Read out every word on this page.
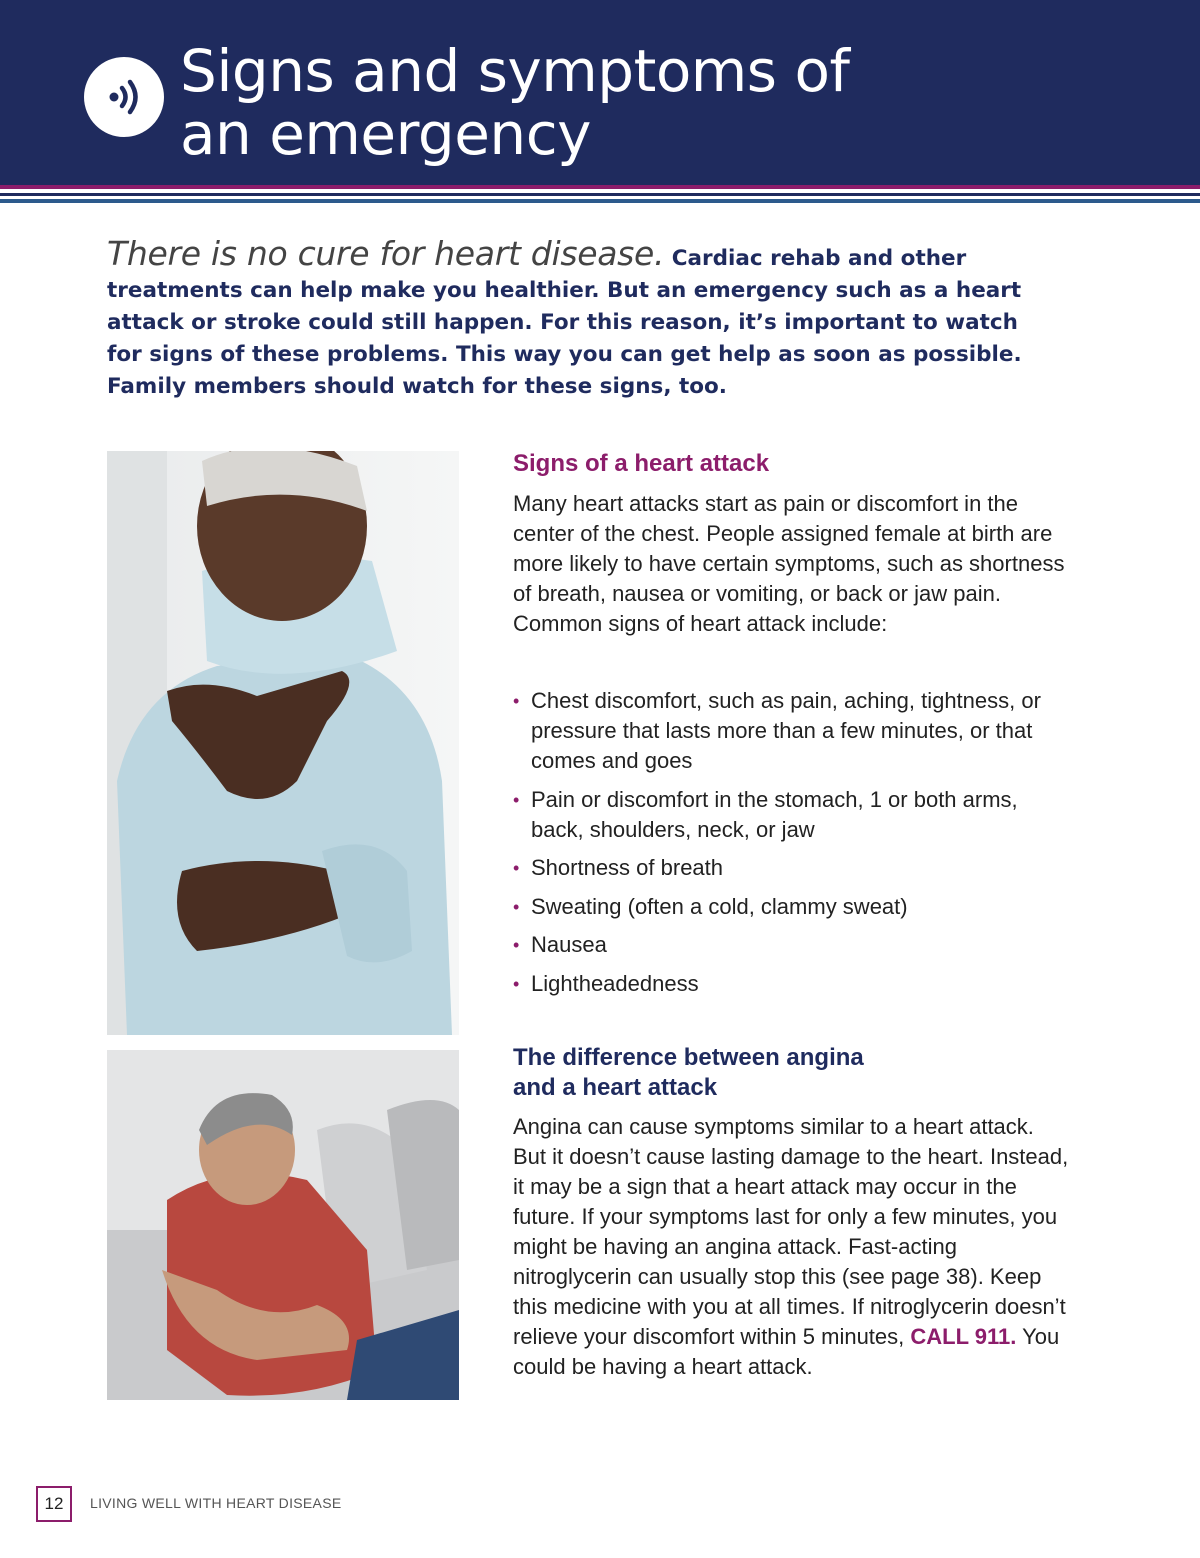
Signs and symptoms of
an emergency

There is no cure for heart disease. Cardiac rehab and other treatments can help make you healthier. But an emergency such as a heart attack or stroke could still happen. For this reason, it’s important to watch for signs of these problems. This way you can get help as soon as possible. Family members should watch for these signs, too.

Signs of a heart attack

Many heart attacks start as pain or discomfort in the center of the chest. People assigned female at birth are more likely to have certain symptoms, such as shortness of breath, nausea or vomiting, or back or jaw pain. Common signs of heart attack include:

• Chest discomfort, such as pain, aching, tightness, or pressure that lasts more than a few minutes, or that comes and goes
• Pain or discomfort in the stomach, 1 or both arms, back, shoulders, neck, or jaw
• Shortness of breath
• Sweating (often a cold, clammy sweat)
• Nausea
• Lightheadedness
The difference between angina
and a heart attack

Angina can cause symptoms similar to a heart attack. But it doesn’t cause lasting damage to the heart. Instead, it may be a sign that a heart attack may occur in the future. If your symptoms last for only a few minutes, you might be having an angina attack. Fast-acting nitroglycerin can usually stop this (see page 38). Keep this medicine with you at all times. If nitroglycerin doesn’t relieve your discomfort within 5 minutes, CALL 911. You could be having a heart attack.

12	LIVING WELL WITH HEART DISEASE
